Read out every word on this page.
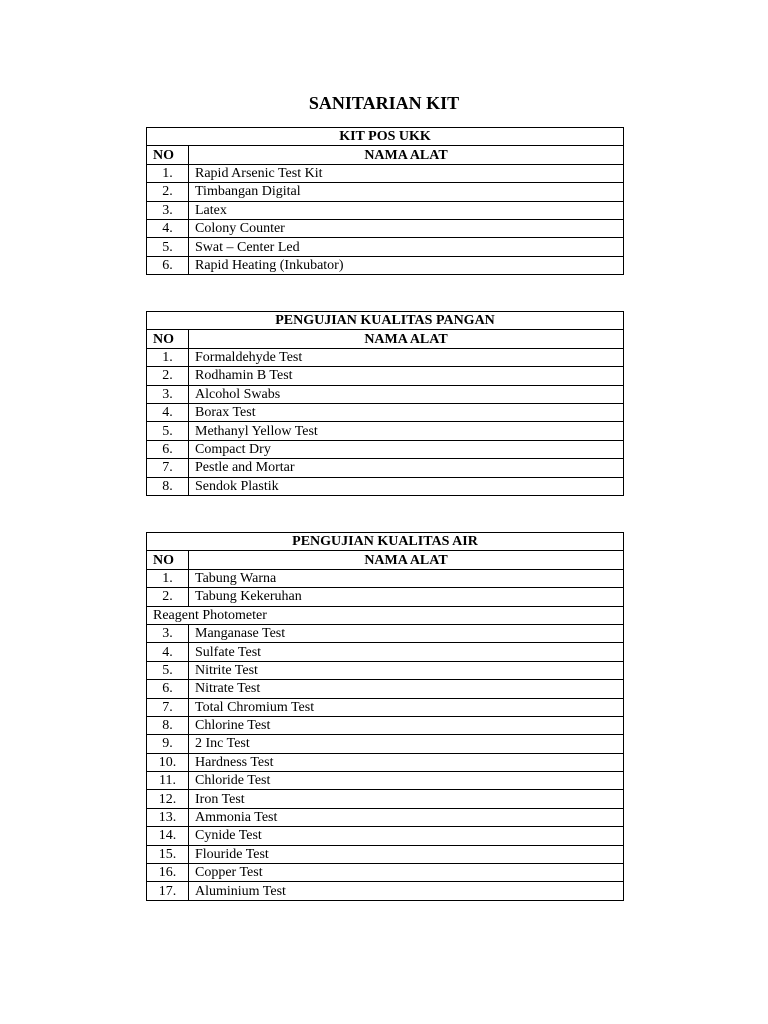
SANITARIAN KIT
KIT POS UKK	
NO	NAMA ALAT
1.	Rapid Arsenic Test Kit
2.	Timbangan Digital
3.	Latex
4.	Colony Counter
5.	Swat – Center Led
6.	Rapid Heating (Inkubator)
PENGUJIAN KUALITAS PANGAN	
NO	NAMA ALAT
1.	Formaldehyde Test
2.	Rodhamin B Test
3.	Alcohol Swabs
4.	Borax Test
5.	Methanyl Yellow Test
6.	Compact Dry
7.	Pestle and Mortar
8.	Sendok Plastik
PENGUJIAN KUALITAS AIR	
NO	NAMA ALAT
1.	Tabung Warna
2.	Tabung Kekeruhan
Reagent Photometer	
3.	Manganase Test
4.	Sulfate Test
5.	Nitrite Test
6.	Nitrate Test
7.	Total Chromium Test
8.	Chlorine Test
9.	2 Inc Test
10.	Hardness Test
11.	Chloride Test
12.	Iron Test
13.	Ammonia Test
14.	Cynide Test
15.	Flouride Test
16.	Copper Test
17.	Aluminium Test
